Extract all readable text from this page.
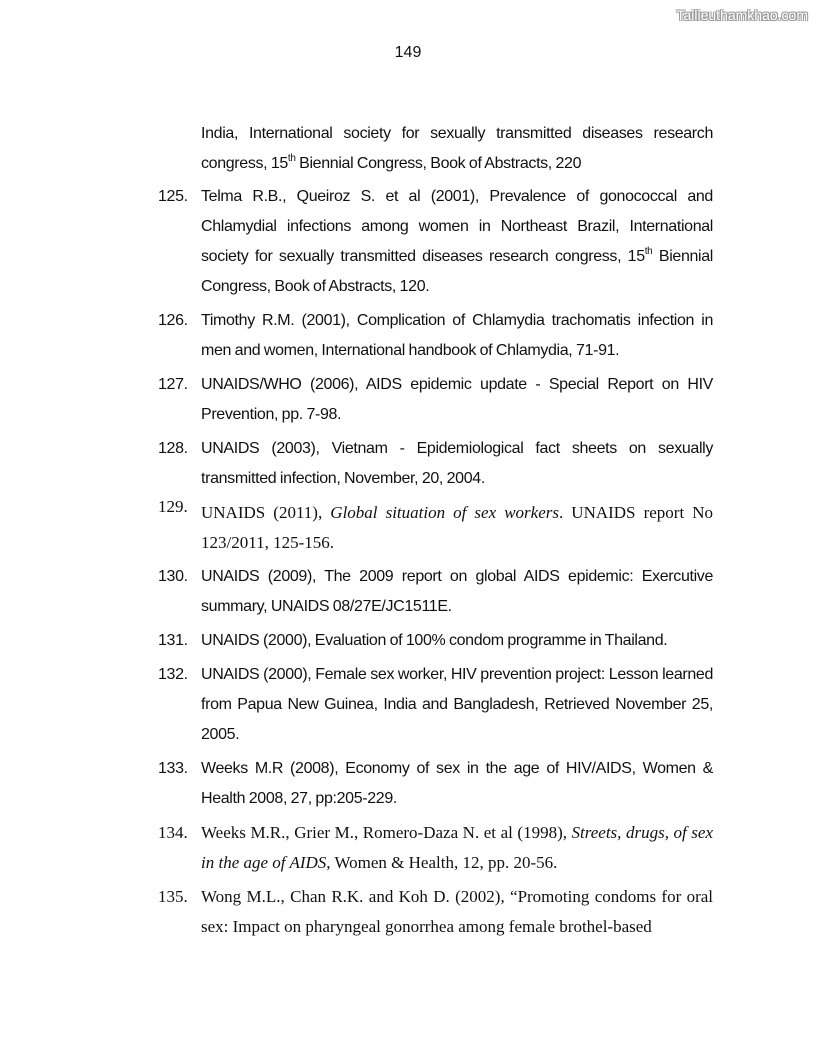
Tailieuthamkhao.com
149
India, International society for sexually transmitted diseases research congress, 15th Biennial Congress, Book of Abstracts, 220
125. Telma R.B., Queiroz S. et al (2001), Prevalence of gonococcal and Chlamydial infections among women in Northeast Brazil, International society for sexually transmitted diseases research congress, 15th Biennial Congress, Book of Abstracts, 120.
126. Timothy R.M. (2001), Complication of Chlamydia trachomatis infection in men and women, International handbook of Chlamydia, 71-91.
127. UNAIDS/WHO (2006), AIDS epidemic update - Special Report on HIV Prevention, pp. 7-98.
128. UNAIDS (2003), Vietnam - Epidemiological fact sheets on sexually transmitted infection, November, 20, 2004.
129. UNAIDS (2011), Global situation of sex workers. UNAIDS report No 123/2011, 125-156.
130. UNAIDS (2009), The 2009 report on global AIDS epidemic: Exercutive summary, UNAIDS 08/27E/JC1511E.
131. UNAIDS (2000), Evaluation of 100% condom programme in Thailand.
132. UNAIDS (2000), Female sex worker, HIV prevention project: Lesson learned from Papua New Guinea, India and Bangladesh, Retrieved November 25, 2005.
133. Weeks M.R (2008), Economy of sex in the age of HIV/AIDS, Women & Health 2008, 27, pp:205-229.
134. Weeks M.R., Grier M., Romero-Daza N. et al (1998), Streets, drugs, of sex in the age of AIDS, Women & Health, 12, pp. 20-56.
135. Wong M.L., Chan R.K. and Koh D. (2002), “Promoting condoms for oral sex: Impact on pharyngeal gonorrhea among female brothel-based
